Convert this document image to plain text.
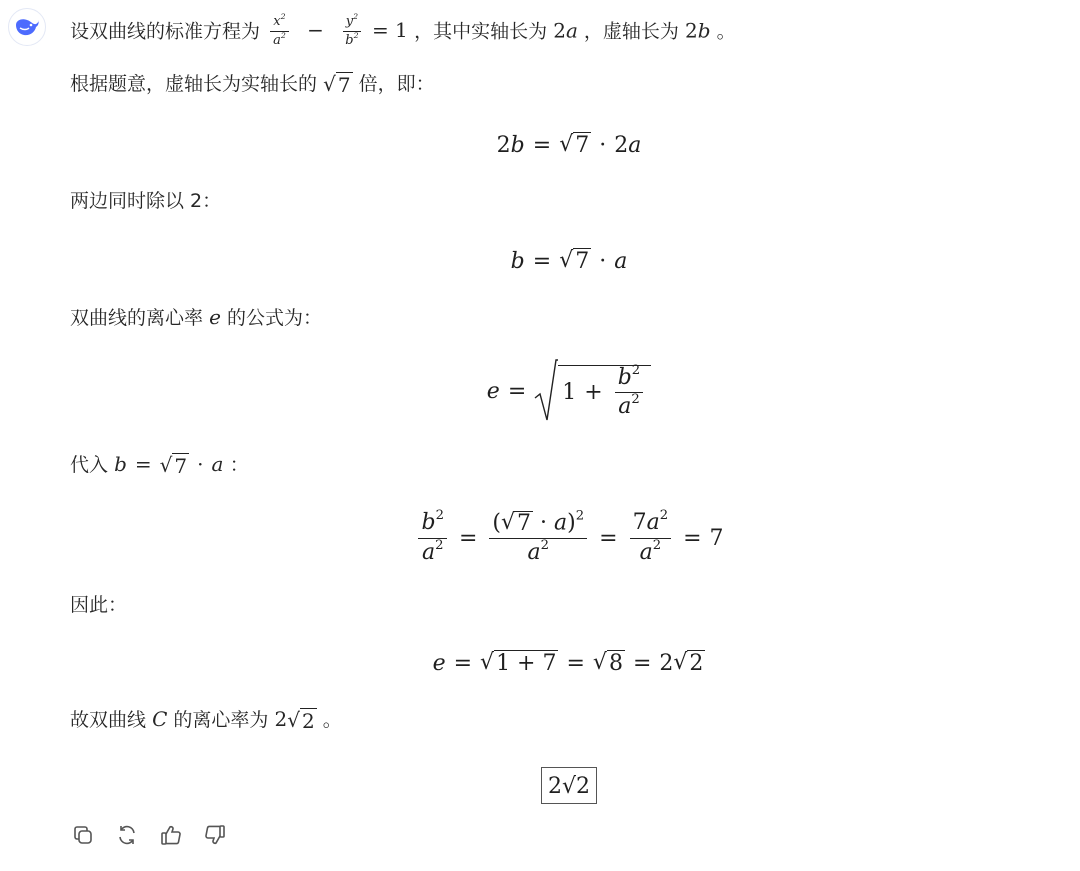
设双曲线的标准方程为 $\frac{x^2}{a^2} - \frac{y^2}{b^2} = 1$ ，其中实轴长为 2a ，虚轴长为 2b 。
根据题意，虚轴长为实轴长的 √ 7 倍，即：
2b = √ 7 · 2a
两边同时除以 2：
b = √ 7 · a
双曲线的离心率 e 的公式为：
$e = 1 + \frac{b^2}{a^2}$
代入 b = √ 7 · a ：
$\frac{b^2}{a^2} = \frac{( √ 7 \cdot a)^2}{a^2} = \frac{7a^2}{a^2} = 7$
因此：
e = √ 1 + 7 = √ 8 = 2 √ 2
故双曲线 C 的离心率为 2 √ 2 。
2√2
